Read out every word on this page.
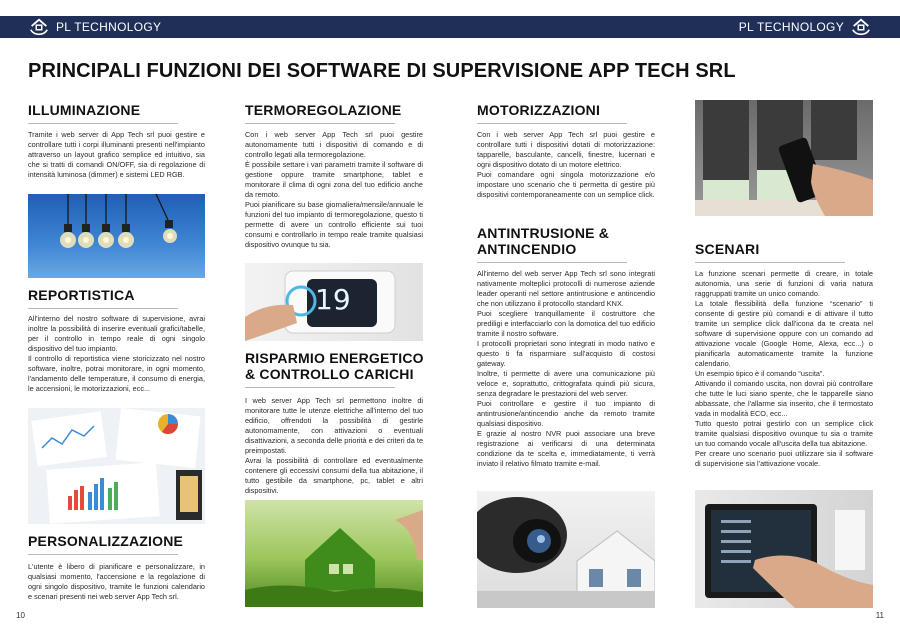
PL TECHNOLOGY	PL TECHNOLOGY
PRINCIPALI FUNZIONI DEI SOFTWARE DI SUPERVISIONE APP TECH SRL
ILLUMINAZIONE

Tramite i web server di App Tech srl puoi gestire e controllare tutti i corpi illuminanti presenti nell'impianto attraverso un layout grafico semplice ed intuitivo, sia che si tratti di comandi ON/OFF, sia di regolazione di intensità luminosa (dimmer) e sistemi LED RGB.

REPORTISTICA

All'interno del nostro software di supervisione, avrai inoltre la possibilità di inserire eventuali grafici/tabelle, per il controllo in tempo reale di ogni singolo dispositivo del tuo impianto.

Il controllo di reportistica viene storicizzato nel nostro software, inoltre, potrai monitorare, in ogni momento, l'andamento delle temperature, il consumo di energia, le accensioni, le motorizzazioni, ecc...

PERSONALIZZAZIONE

L'utente è libero di pianificare e personalizzare, in qualsiasi momento, l'accensione e la regolazione di ogni singolo dispositivo, tramite le funzioni calendario e scenari presenti nei web server App Tech srl.

TERMOREGOLAZIONE

Con i web server App Tech srl puoi gestire autonomamente tutti i dispositivi di comando e di controllo legati alla termoregolazione.

È possibile settare i vari parametri tramite il software di gestione oppure tramite smartphone, tablet e monitorare il clima di ogni zona del tuo edificio anche da remoto.

Puoi pianificare su base giornaliera/mensile/annuale le funzioni del tuo impianto di termoregolazione, questo ti permette di avere un controllo efficiente sui tuoi consumi e controllarlo in tempo reale tramite qualsiasi dispositivo ovunque tu sia.

19
RISPARMIO ENERGETICO & CONTROLLO CARICHI

I web server App Tech srl permettono inoltre di monitorare tutte le utenze elettriche all'interno del tuo edificio, offrendoti la possibilità di gestirle autonomamente, con attivazioni o eventuali disattivazioni, a seconda delle priorità e dei criteri da te preimpostati.

Avrai la possibilità di controllare ed eventualmente contenere gli eccessivi consumi della tua abitazione, il tutto gestibile da smartphone, pc, tablet e altri dispositivi.

MOTORIZZAZIONI

Con i web server App Tech srl puoi gestire e controllare tutti i dispositivi dotati di motorizzazione: tapparelle, basculante, cancelli, finestre, lucernari e ogni dispositivo dotato di un motore elettrico.

Puoi comandare ogni singola motorizzazione e/o impostare uno scenario che ti permetta di gestire più dispositivi contemporaneamente con un semplice click.

ANTINTRUSIONE & ANTINCENDIO

All'interno del web server App Tech srl sono integrati nativamente molteplici protocolli di numerose aziende leader operanti nel settore antintrusione e antincendio che non utilizzano il protocollo standard KNX.

Puoi scegliere tranquillamente il costruttore che prediligi e interfacciarlo con la domotica del tuo edificio tramite il nostro software.

I protocolli proprietari sono integrati in modo nativo e questo ti fa risparmiare sull'acquisto di costosi gateway.

Inoltre, ti permette di avere una comunicazione più veloce e, soprattutto, crittografata quindi più sicura, senza degradare le prestazioni del web server.

Puoi controllare e gestire il tuo impianto di antintrusione/antincendio anche da remoto tramite qualsiasi dispositivo.

E grazie al nostro NVR puoi associare una breve registrazione ai verificarsi di una determinata condizione da te scelta e, immediatamente, ti verrà inviato il relativo filmato tramite e-mail.

SCENARI

La funzione scenari permette di creare, in totale autonomia, una serie di funzioni di varia natura raggruppati tramite un unico comando.

La totale flessibilità della funzione “scenario” ti consente di gestire più comandi e di attivare il tutto tramite un semplice click dall'icona da te creata nel software di supervisione oppure con un comando ad attivazione vocale (Google Home, Alexa, ecc...) o pianificarla automaticamente tramite la funzione calendario.

Un esempio tipico è il comando “uscita”.

Attivando il comando uscita, non dovrai più controllare che tutte le luci siano spente, che le tapparelle siano abbassate, che l'allarme sia inserito, che il termostato vada in modalità ECO, ecc...

Tutto questo potrai gestirlo con un semplice click tramite qualsiasi dispositivo ovunque tu sia o tramite un tuo comando vocale all'uscita della tua abitazione.

Per creare uno scenario puoi utilizzare sia il software di supervisione sia l'attivazione vocale.

10	11
